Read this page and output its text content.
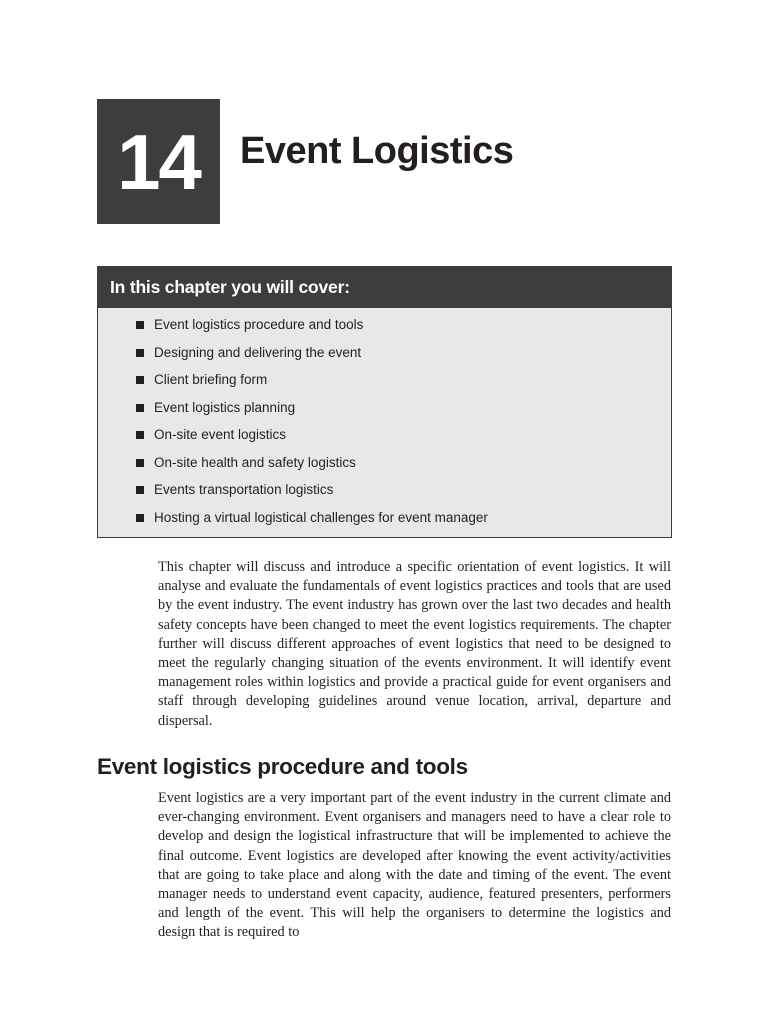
14 Event Logistics
In this chapter you will cover:
Event logistics procedure and tools
Designing and delivering the event
Client briefing form
Event logistics planning
On-site event logistics
On-site health and safety logistics
Events transportation logistics
Hosting a virtual logistical challenges for event manager

This chapter will discuss and introduce a specific orientation of event logistics. It will analyse and evaluate the fundamentals of event logistics practices and tools that are used by the event industry. The event industry has grown over the last two decades and health safety concepts have been changed to meet the event logistics requirements. The chapter further will discuss different approaches of event logistics that need to be designed to meet the regularly changing situation of the events environment. It will identify event management roles within logistics and provide a practical guide for event organisers and staff through developing guidelines around venue location, arrival, departure and dispersal.

Event logistics procedure and tools

Event logistics are a very important part of the event industry in the current climate and ever-changing environment. Event organisers and managers need to have a clear role to develop and design the logistical infrastructure that will be implemented to achieve the final outcome. Event logistics are developed after knowing the event activity/activities that are going to take place and along with the date and timing of the event. The event manager needs to understand event capacity, audience, featured presenters, performers and length of the event. This will help the organisers to determine the logistics and design that is required to
